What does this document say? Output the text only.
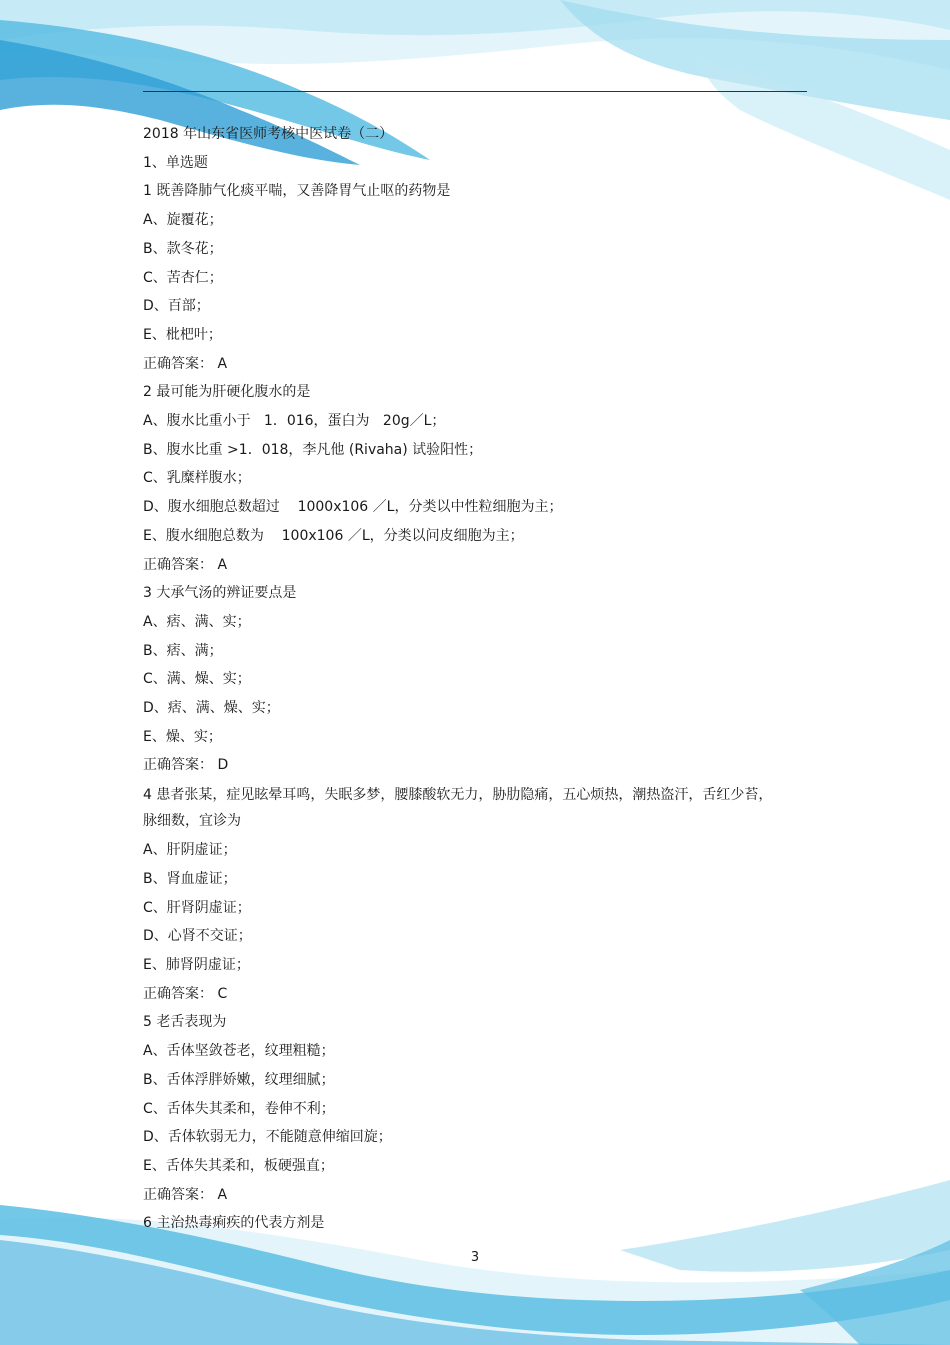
2018 年山东省医师考核中医试卷（二）
1、单选题
1 既善降肺气化痰平喘，又善降胃气止呕的药物是
A、旋覆花；
B、款冬花；
C、苦杏仁；
D、百部；
E、枇杷叶；
正确答案： A
2 最可能为肝硬化腹水的是
A、腹水比重小于   1．016，蛋白为   20g／L；
B、腹水比重 >1．018，李凡他 (Rivaha) 试验阳性；
C、乳糜样腹水；
D、腹水细胞总数超过    1000x106 ／L，分类以中性粒细胞为主；
E、腹水细胞总数为    100x106 ／L，分类以问皮细胞为主；
正确答案： A
3 大承气汤的辨证要点是
A、痞、满、实；
B、痞、满；
C、满、燥、实；
D、痞、满、燥、实；
E、燥、实；
正确答案： D
4 患者张某，症见眩晕耳鸣，失眠多梦，腰膝酸软无力，胁肋隐痛，五心烦热，潮热盗汗，舌红少苔，脉细数，宜诊为
A、肝阴虚证；
B、肾血虚证；
C、肝肾阴虚证；
D、心肾不交证；
E、肺肾阴虚证；
正确答案： C
5 老舌表现为
A、舌体坚敛苍老，纹理粗糙；
B、舌体浮胖娇嫩，纹理细腻；
C、舌体失其柔和，卷伸不利；
D、舌体软弱无力，不能随意伸缩回旋；
E、舌体失其柔和，板硬强直；
正确答案： A
6 主治热毒痢疾的代表方剂是
3
